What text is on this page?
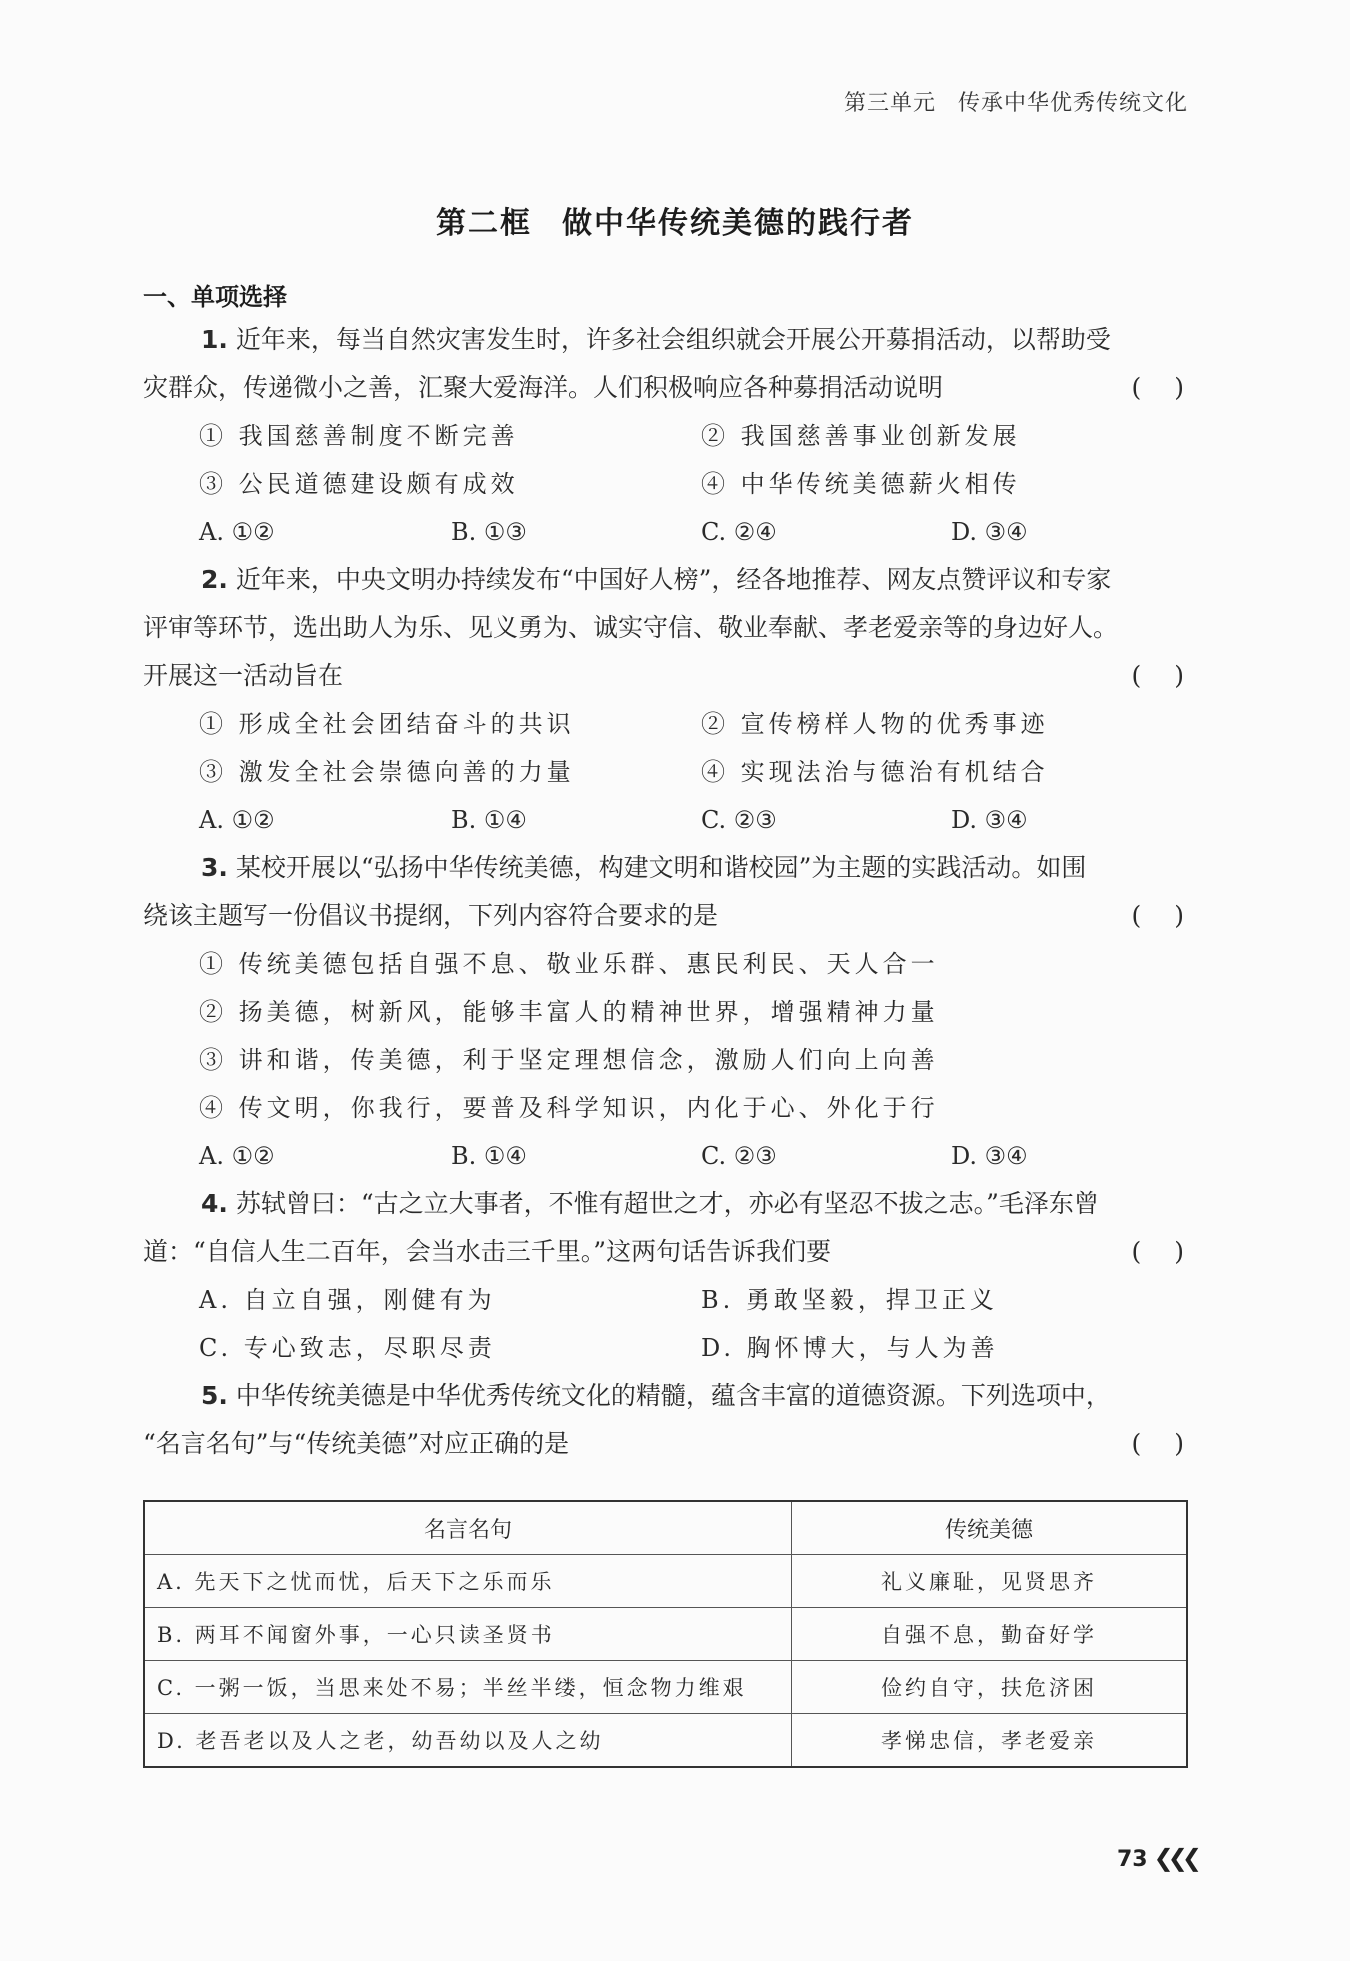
第三单元 传承中华优秀传统文化
第二框 做中华传统美德的践行者
一、单项选择
1. 近年来，每当自然灾害发生时，许多社会组织就会开展公开募捐活动，以帮助受
灾群众，传递微小之善，汇聚大爱海洋。人们积极响应各种募捐活动说明	(　)
① 我国慈善制度不断完善	② 我国慈善事业创新发展
③ 公民道德建设颇有成效	④ 中华传统美德薪火相传
A. ①②	B. ①③	C. ②④	D. ③④
2. 近年来，中央文明办持续发布“中国好人榜”，经各地推荐、网友点赞评议和专家
评审等环节，选出助人为乐、见义勇为、诚实守信、敬业奉献、孝老爱亲等的身边好人。
开展这一活动旨在	(　)
① 形成全社会团结奋斗的共识	② 宣传榜样人物的优秀事迹
③ 激发全社会崇德向善的力量	④ 实现法治与德治有机结合
A. ①②	B. ①④	C. ②③	D. ③④
3. 某校开展以“弘扬中华传统美德，构建文明和谐校园”为主题的实践活动。如围
绕该主题写一份倡议书提纲，下列内容符合要求的是	(　)
① 传统美德包括自强不息、敬业乐群、惠民利民、天人合一
② 扬美德，树新风，能够丰富人的精神世界，增强精神力量
③ 讲和谐，传美德，利于坚定理想信念，激励人们向上向善
④ 传文明，你我行，要普及科学知识，内化于心、外化于行
A. ①②	B. ①④	C. ②③	D. ③④
4. 苏轼曾曰：“古之立大事者，不惟有超世之才，亦必有坚忍不拔之志。”毛泽东曾
道：“自信人生二百年，会当水击三千里。”这两句话告诉我们要	(　)
A. 自立自强，刚健有为	B. 勇敢坚毅，捍卫正义
C. 专心致志，尽职尽责	D. 胸怀博大，与人为善
5. 中华传统美德是中华优秀传统文化的精髓，蕴含丰富的道德资源。下列选项中，
“名言名句”与“传统美德”对应正确的是	(　)
名言名句	传统美德
A. 先天下之忧而忧，后天下之乐而乐	礼义廉耻，见贤思齐
B. 两耳不闻窗外事，一心只读圣贤书	自强不息，勤奋好学
C. 一粥一饭，当思来处不易；半丝半缕，恒念物力维艰	俭约自守，扶危济困
D. 老吾老以及人之老，幼吾幼以及人之幼	孝悌忠信，孝老爱亲
73 ❮❮❮
